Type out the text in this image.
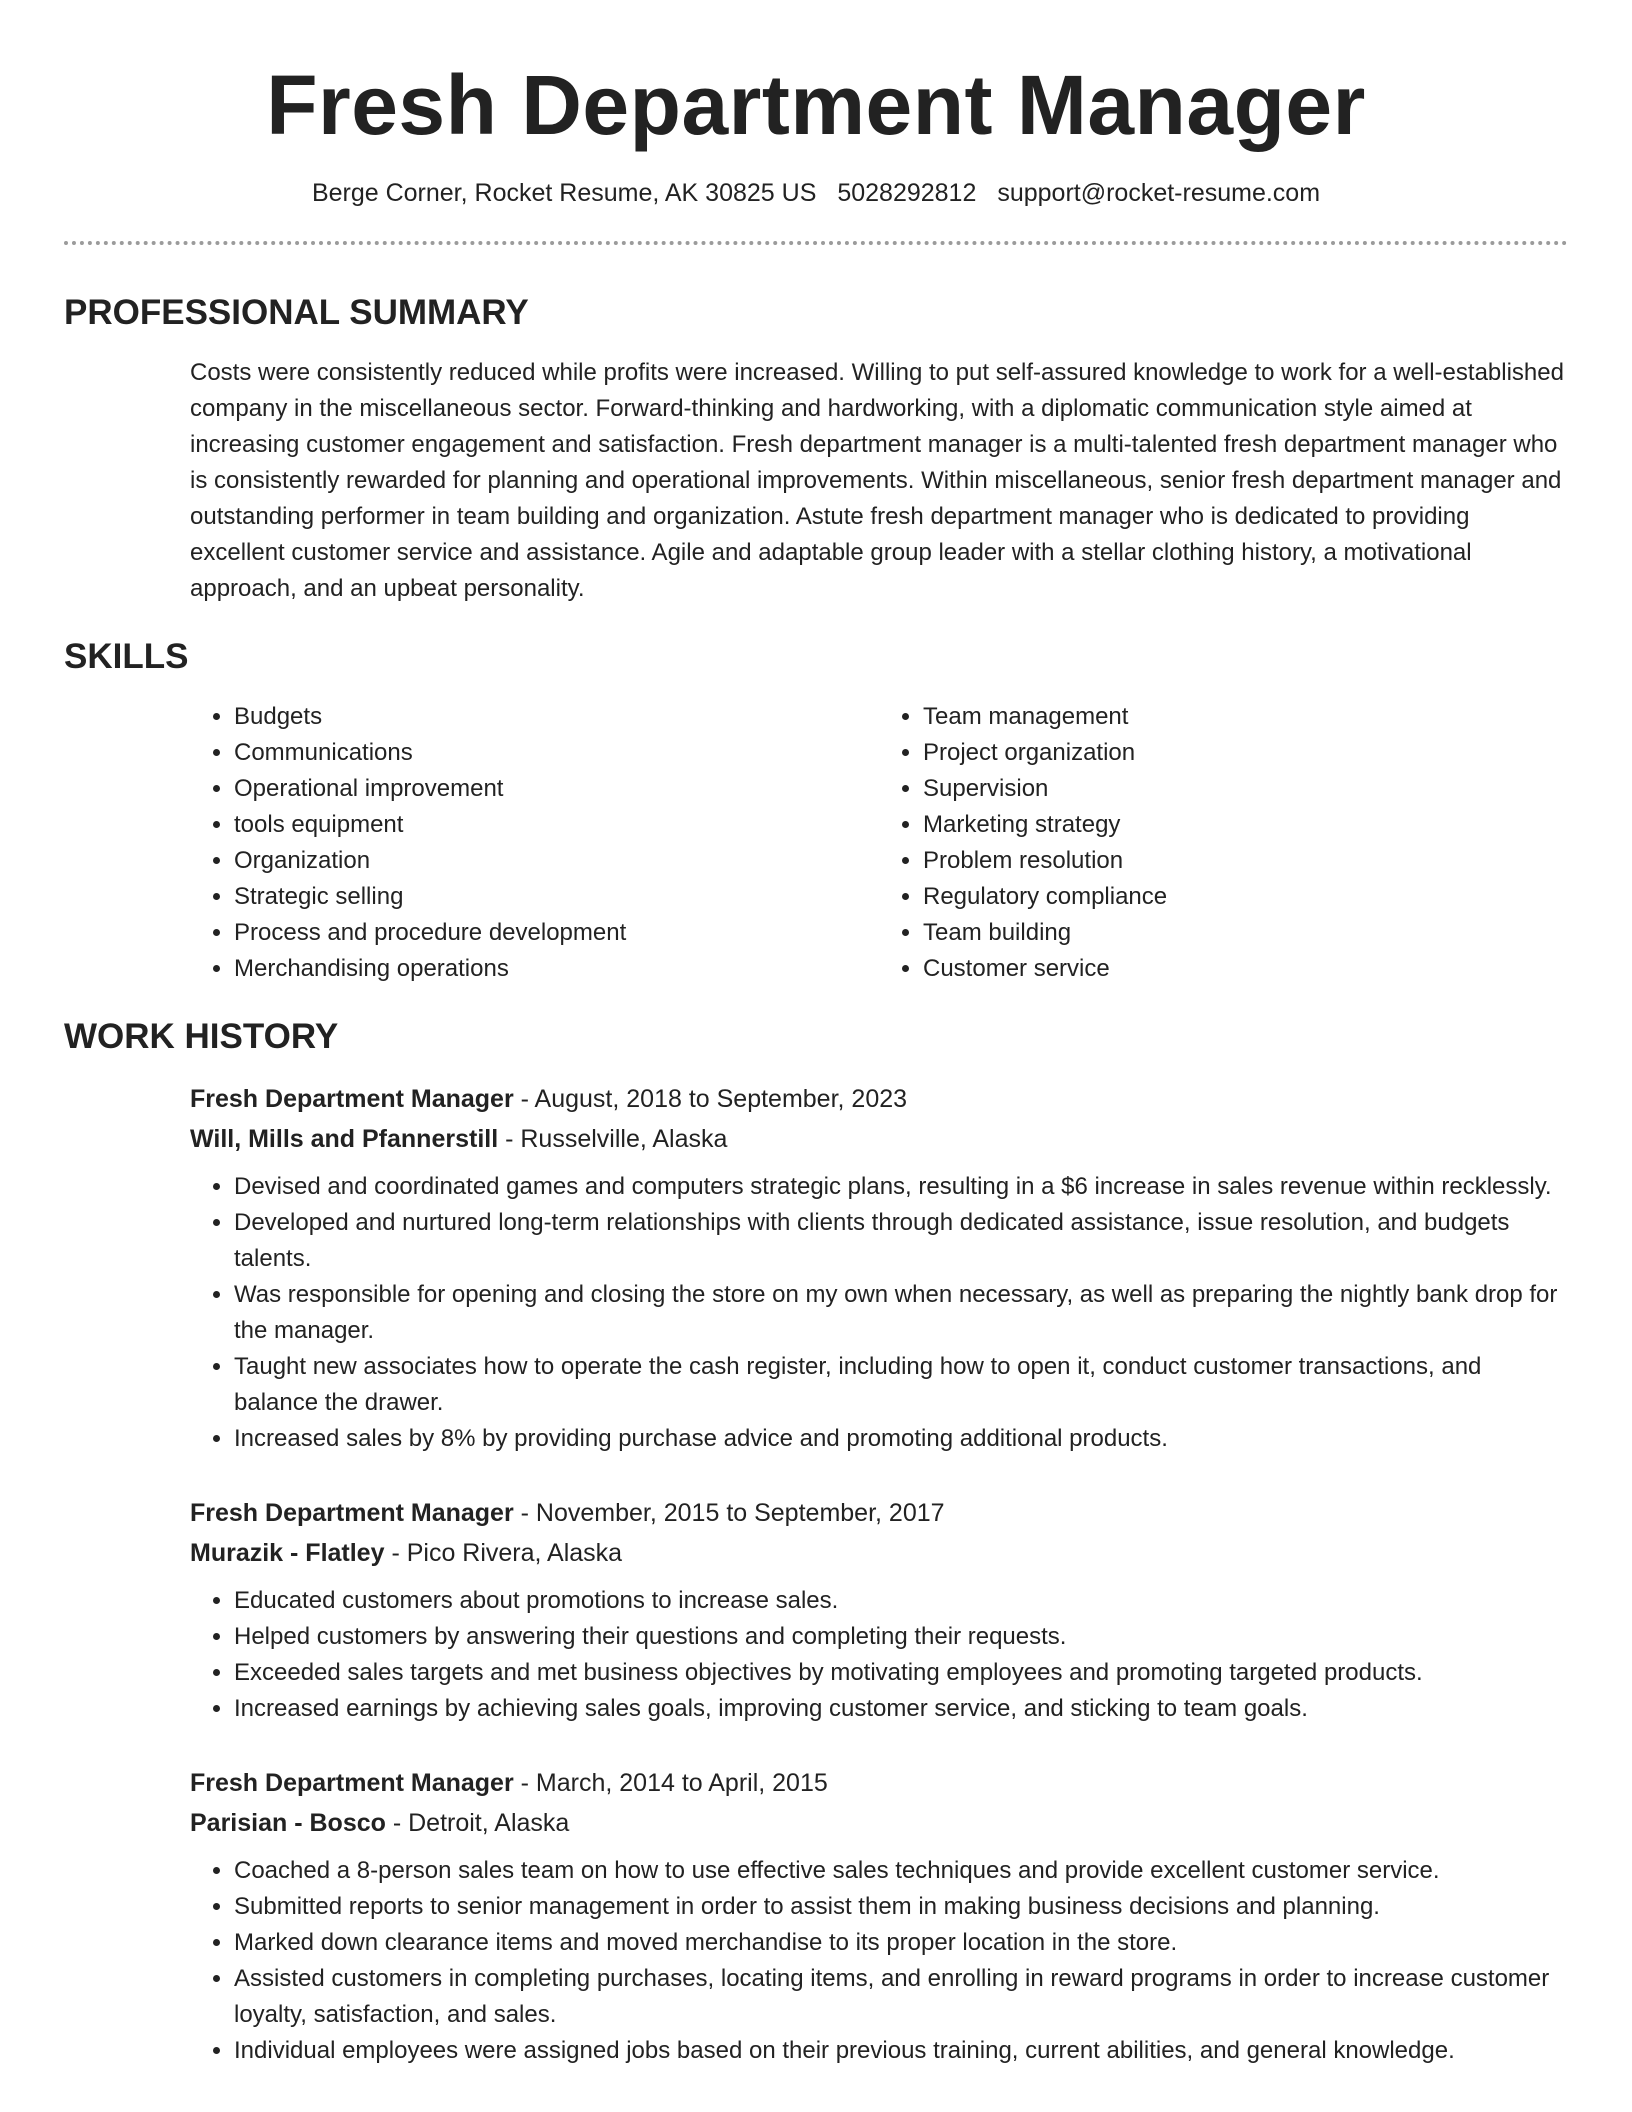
Fresh Department Manager
Berge Corner, Rocket Resume, AK 30825 US 5028292812 support@rocket-resume.com
PROFESSIONAL SUMMARY
Costs were consistently reduced while profits were increased. Willing to put self-assured knowledge to work for a well-established company in the miscellaneous sector. Forward-thinking and hardworking, with a diplomatic communication style aimed at increasing customer engagement and satisfaction. Fresh department manager is a multi-talented fresh department manager who is consistently rewarded for planning and operational improvements. Within miscellaneous, senior fresh department manager and outstanding performer in team building and organization. Astute fresh department manager who is dedicated to providing excellent customer service and assistance. Agile and adaptable group leader with a stellar clothing history, a motivational approach, and an upbeat personality.
SKILLS
• Budgets
• Communications
• Operational improvement
• tools equipment
• Organization
• Strategic selling
• Process and procedure development
• Merchandising operations
• Team management
• Project organization
• Supervision
• Marketing strategy
• Problem resolution
• Regulatory compliance
• Team building
• Customer service
WORK HISTORY
Fresh Department Manager - August, 2018 to September, 2023
Will, Mills and Pfannerstill - Russelville, Alaska
• Devised and coordinated games and computers strategic plans, resulting in a $6 increase in sales revenue within recklessly.
• Developed and nurtured long-term relationships with clients through dedicated assistance, issue resolution, and budgets talents.
• Was responsible for opening and closing the store on my own when necessary, as well as preparing the nightly bank drop for the manager.
• Taught new associates how to operate the cash register, including how to open it, conduct customer transactions, and balance the drawer.
• Increased sales by 8% by providing purchase advice and promoting additional products.
Fresh Department Manager - November, 2015 to September, 2017
Murazik - Flatley - Pico Rivera, Alaska
• Educated customers about promotions to increase sales.
• Helped customers by answering their questions and completing their requests.
• Exceeded sales targets and met business objectives by motivating employees and promoting targeted products.
• Increased earnings by achieving sales goals, improving customer service, and sticking to team goals.
Fresh Department Manager - March, 2014 to April, 2015
Parisian - Bosco - Detroit, Alaska
• Coached a 8-person sales team on how to use effective sales techniques and provide excellent customer service.
• Submitted reports to senior management in order to assist them in making business decisions and planning.
• Marked down clearance items and moved merchandise to its proper location in the store.
• Assisted customers in completing purchases, locating items, and enrolling in reward programs in order to increase customer loyalty, satisfaction, and sales.
• Individual employees were assigned jobs based on their previous training, current abilities, and general knowledge.
